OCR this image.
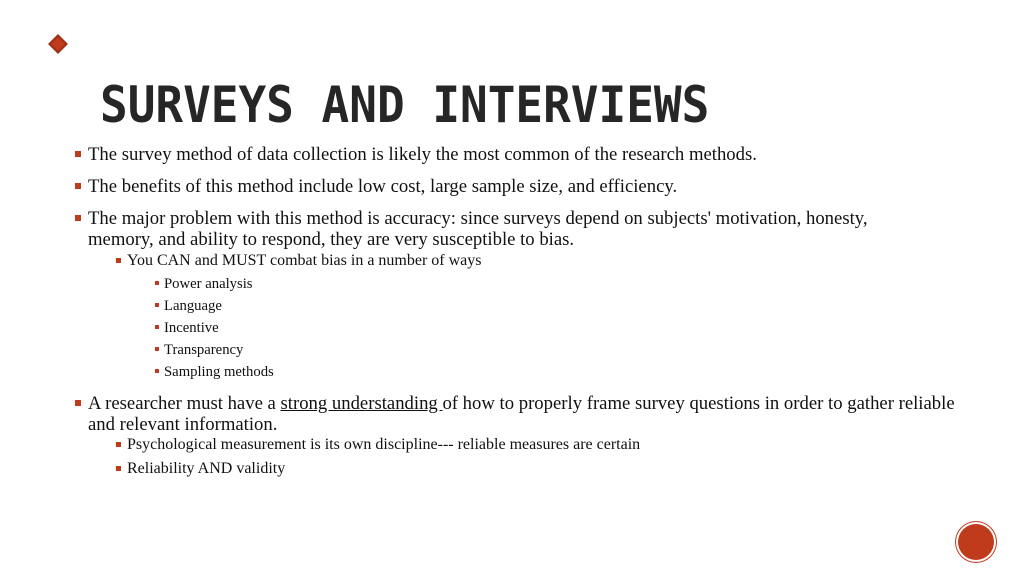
SURVEYS AND INTERVIEWS
The survey method of data collection is likely the most common of the research methods.
The benefits of this method include low cost, large sample size, and efficiency.
The major problem with this method is accuracy: since surveys depend on subjects' motivation, honesty, memory, and ability to respond, they are very susceptible to bias.
You CAN and MUST combat bias in a number of ways
Power analysis
Language
Incentive
Transparency
Sampling methods
A researcher must have a strong understanding of how to properly frame survey questions in order to gather reliable and relevant information.
Psychological measurement is its own discipline--- reliable measures are certain
Reliability AND validity
